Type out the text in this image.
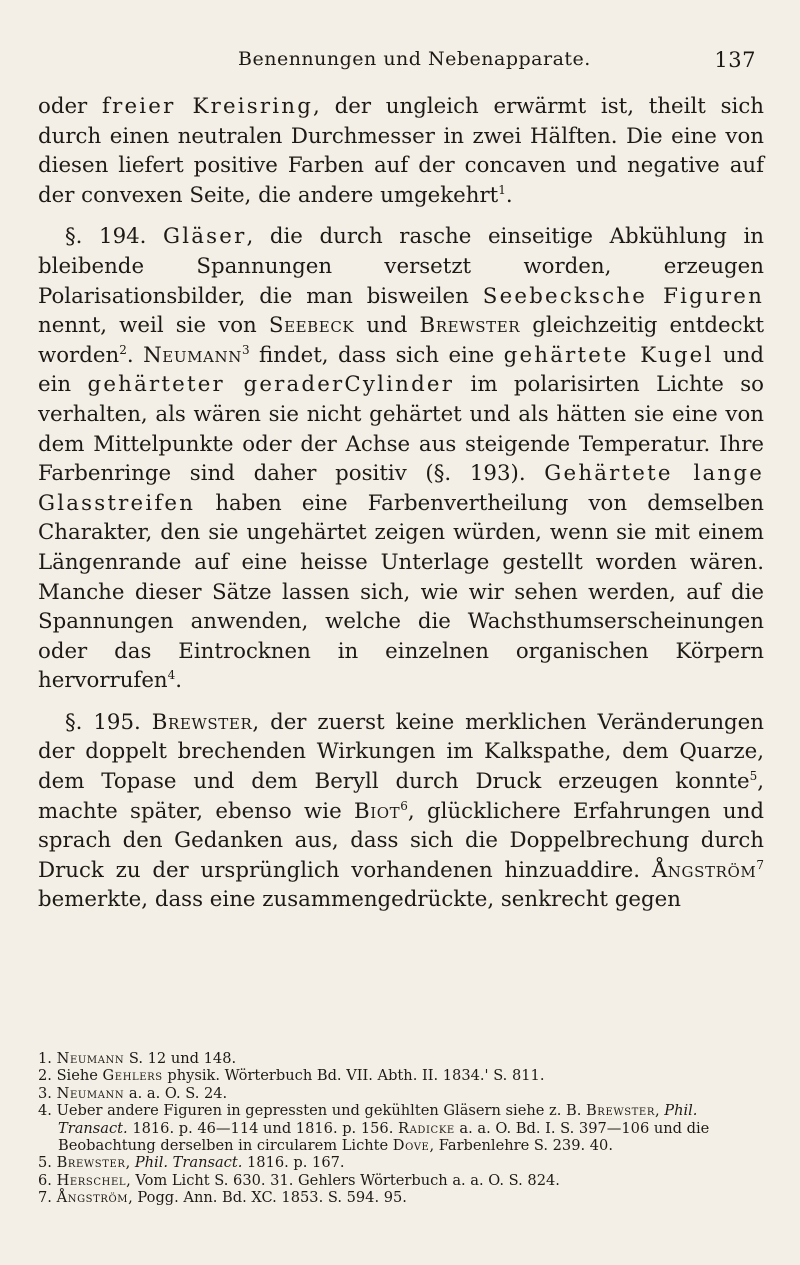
Benennungen und Nebenapparate.	137

oder freier Kreisring, der ungleich erwärmt ist, theilt sich durch einen neutralen Durchmesser in zwei Hälften. Die eine von diesen liefert positive Farben auf der concaven und negative auf der convexen Seite, die andere umgekehrt$^1$.

§. 194. Gläser, die durch rasche einseitige Abkühlung in bleibende Spannungen versetzt worden, erzeugen Polarisationsbilder, die man bisweilen Seebecksche Figuren nennt, weil sie von Seebeck und Brewster gleichzeitig entdeckt worden$^2$. Neumann$^3$ findet, dass sich eine gehärtete Kugel und ein gehärteter geraderCylinder im polarisirten Lichte so verhalten, als wären sie nicht gehärtet und als hätten sie eine von dem Mittelpunkte oder der Achse aus steigende Temperatur. Ihre Farbenringe sind daher positiv (§. 193). Gehärtete lange Glasstreifen haben eine Farbenvertheilung von demselben Charakter, den sie ungehärtet zeigen würden, wenn sie mit einem Längenrande auf eine heisse Unterlage gestellt worden wären. Manche dieser Sätze lassen sich, wie wir sehen werden, auf die Spannungen anwenden, welche die Wachsthumserscheinungen oder das Eintrocknen in einzelnen organischen Körpern hervorrufen$^4$.

§. 195. Brewster, der zuerst keine merklichen Veränderungen der doppelt brechenden Wirkungen im Kalkspathe, dem Quarze, dem Topase und dem Beryll durch Druck erzeugen konnte$^5$, machte später, ebenso wie Biot$^6$, glücklichere Erfahrungen und sprach den Gedanken aus, dass sich die Doppelbrechung durch Druck zu der ursprünglich vorhandenen hinzuaddire. Ångström$^7$ bemerkte, dass eine zusammengedrückte, senkrecht gegen

1. Neumann S. 12 und 148.

2. Siehe Gehlers physik. Wörterbuch Bd. VII. Abth. II. 1834.' S. 811.

3. Neumann a. a. O. S. 24.

4. Ueber andere Figuren in gepressten und gekühlten Gläsern siehe z. B. Brewster, Phil. Transact. 1816. p. 46—114 und 1816. p. 156. Radicke a. a. O. Bd. I. S. 397—106 und die Beobachtung derselben in circularem Lichte Dove, Farbenlehre S. 239. 40.

5. Brewster, Phil. Transact. 1816. p. 167.

6. Herschel, Vom Licht S. 630. 31. Gehlers Wörterbuch a. a. O. S. 824.

7. Ångström, Pogg. Ann. Bd. XC. 1853. S. 594. 95.
